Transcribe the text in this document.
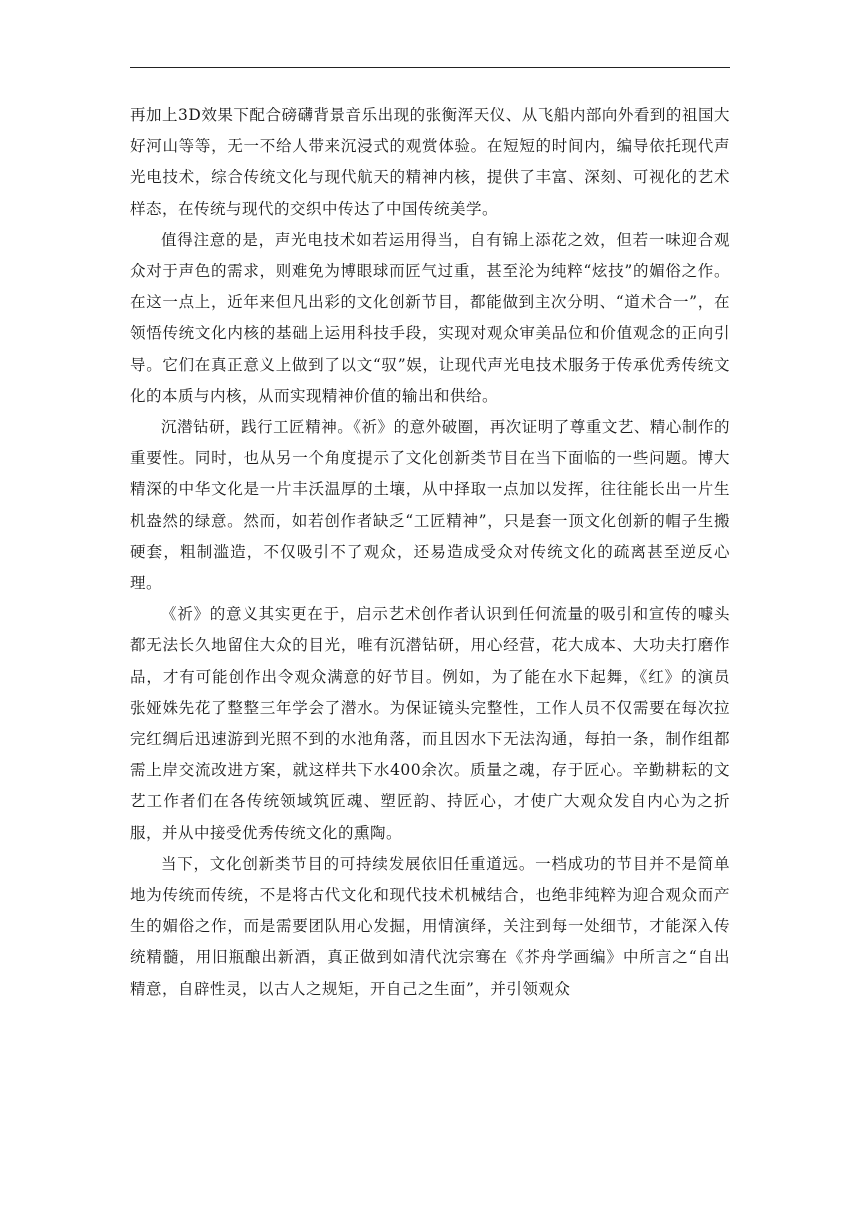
再加上3D效果下配合磅礴背景音乐出现的张衡浑天仪、从飞船内部向外看到的祖国大好河山等等，无一不给人带来沉浸式的观赏体验。在短短的时间内，编导依托现代声光电技术，综合传统文化与现代航天的精神内核，提供了丰富、深刻、可视化的艺术样态，在传统与现代的交织中传达了中国传统美学。

值得注意的是，声光电技术如若运用得当，自有锦上添花之效，但若一味迎合观众对于声色的需求，则难免为博眼球而匠气过重，甚至沦为纯粹“炫技”的媚俗之作。在这一点上，近年来但凡出彩的文化创新节目，都能做到主次分明、“道术合一”，在领悟传统文化内核的基础上运用科技手段，实现对观众审美品位和价值观念的正向引导。它们在真正意义上做到了以文“驭”娱，让现代声光电技术服务于传承优秀传统文化的本质与内核，从而实现精神价值的输出和供给。

沉潜钻研，践行工匠精神。《祈》的意外破圈，再次证明了尊重文艺、精心制作的重要性。同时，也从另一个角度提示了文化创新类节目在当下面临的一些问题。博大精深的中华文化是一片丰沃温厚的土壤，从中择取一点加以发挥，往往能长出一片生机盎然的绿意。然而，如若创作者缺乏“工匠精神”，只是套一顶文化创新的帽子生搬硬套，粗制滥造，不仅吸引不了观众，还易造成受众对传统文化的疏离甚至逆反心理。

《祈》的意义其实更在于，启示艺术创作者认识到任何流量的吸引和宣传的噱头都无法长久地留住大众的目光，唯有沉潜钻研，用心经营，花大成本、大功夫打磨作品，才有可能创作出令观众满意的好节目。例如，为了能在水下起舞，《红》的演员张娅姝先花了整整三年学会了潜水。为保证镜头完整性，工作人员不仅需要在每次拉完红绸后迅速游到光照不到的水池角落，而且因水下无法沟通，每拍一条，制作组都需上岸交流改进方案，就这样共下水400余次。质量之魂，存于匠心。辛勤耕耘的文艺工作者们在各传统领域筑匠魂、塑匠韵、持匠心，才使广大观众发自内心为之折服，并从中接受优秀传统文化的熏陶。

当下，文化创新类节目的可持续发展依旧任重道远。一档成功的节目并不是简单地为传统而传统，不是将古代文化和现代技术机械结合，也绝非纯粹为迎合观众而产生的媚俗之作，而是需要团队用心发掘，用情演绎，关注到每一处细节，才能深入传统精髓，用旧瓶酿出新酒，真正做到如清代沈宗骞在《芥舟学画编》中所言之“自出精意，自辟性灵，以古人之规矩，开自己之生面”，并引领观众
